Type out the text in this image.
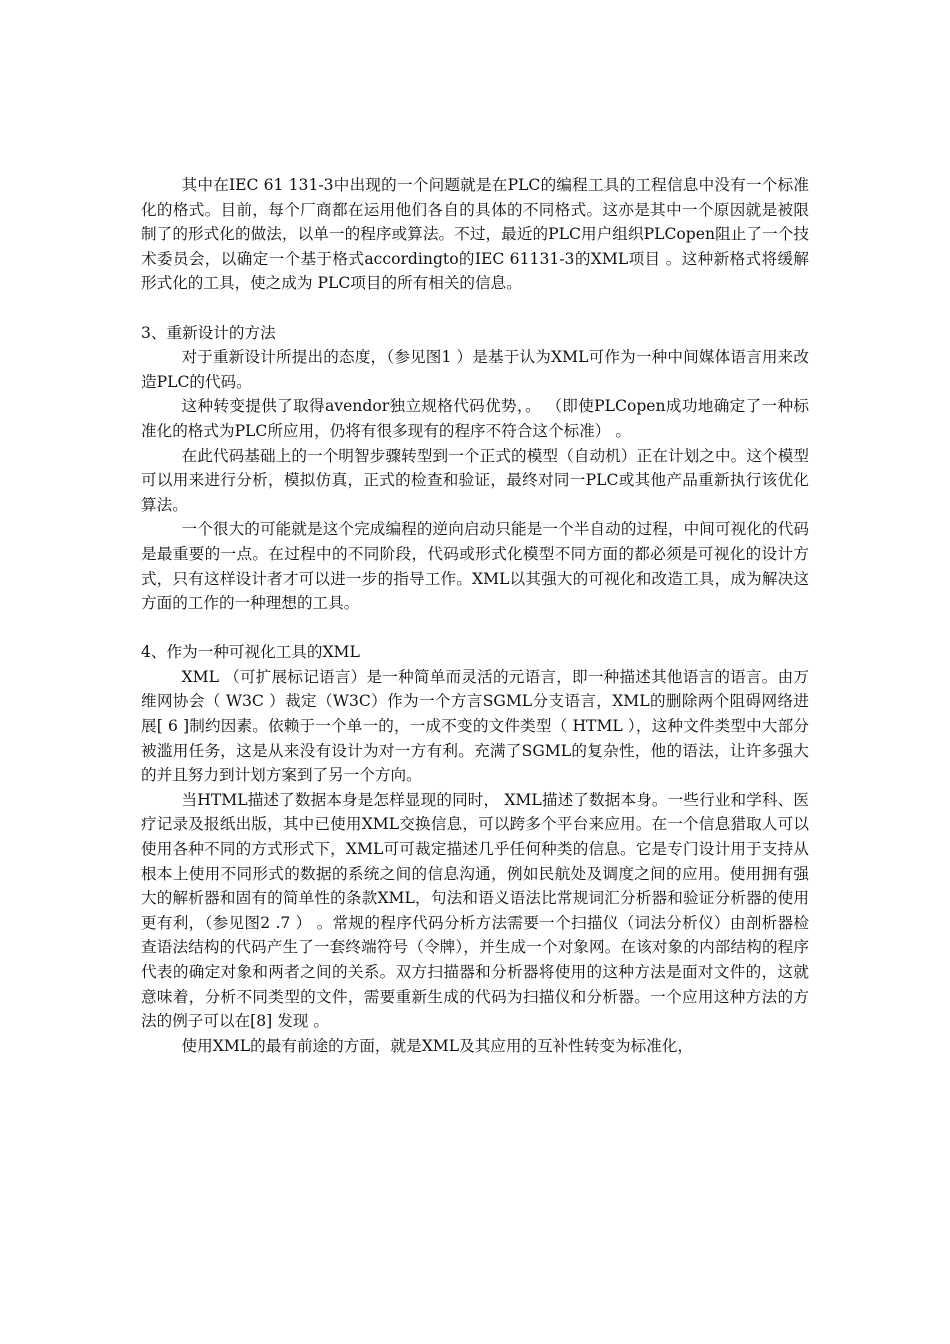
其中在IEC 61 131-3中出现的一个问题就是在PLC的编程工具的工程信息中没有一个标准化的格式。目前，每个厂商都在运用他们各自的具体的不同格式。这亦是其中一个原因就是被限制了的形式化的做法，以单一的程序或算法。不过，最近的PLC用户组织PLCopen阻止了一个技术委员会，以确定一个基于格式accordingto的IEC 61131-3的XML项目 。这种新格式将缓解形式化的工具，使之成为 PLC项目的所有相关的信息。

3、重新设计的方法

对于重新设计所提出的态度，（参见图1 ）是基于认为XML可作为一种中间媒体语言用来改造PLC的代码。

这种转变提供了取得avendor独立规格代码优势，。 （即使PLCopen成功地确定了一种标准化的格式为PLC所应用，仍将有很多现有的程序不符合这个标准） 。

在此代码基础上的一个明智步骤转型到一个正式的模型（自动机）正在计划之中。这个模型可以用来进行分析，模拟仿真，正式的检查和验证，最终对同一PLC或其他产品重新执行该优化算法。

一个很大的可能就是这个完成编程的逆向启动只能是一个半自动的过程，中间可视化的代码是最重要的一点。在过程中的不同阶段，代码或形式化模型不同方面的都必须是可视化的设计方式，只有这样设计者才可以进一步的指导工作。XML以其强大的可视化和改造工具，成为解决这方面的工作的一种理想的工具。

4、作为一种可视化工具的XML

XML （可扩展标记语言）是一种简单而灵活的元语言，即一种描述其他语言的语言。由万维网协会（ W3C ）裁定（W3C）作为一个方言SGML分支语言，XML的删除两个阻碍网络进展[ 6 ]制约因素。依赖于一个单一的，一成不变的文件类型（ HTML ），这种文件类型中大部分被滥用任务，这是从来没有设计为对一方有利。充满了SGML的复杂性，他的语法，让许多强大的并且努力到计划方案到了另一个方向。

当HTML描述了数据本身是怎样显现的同时， XML描述了数据本身。一些行业和学科、医疗记录及报纸出版，其中已使用XML交换信息，可以跨多个平台来应用。在一个信息猎取人可以使用各种不同的方式形式下，XML可可裁定描述几乎任何种类的信息。它是专门设计用于支持从根本上使用不同形式的数据的系统之间的信息沟通，例如民航处及调度之间的应用。使用拥有强大的解析器和固有的简单性的条款XML，句法和语义语法比常规词汇分析器和验证分析器的使用更有利，（参见图2 .7 ） 。常规的程序代码分析方法需要一个扫描仪（词法分析仪）由剖析器检查语法结构的代码产生了一套终端符号（令牌），并生成一个对象网。在该对象的内部结构的程序代表的确定对象和两者之间的关系。双方扫描器和分析器将使用的这种方法是面对文件的，这就意味着，分析不同类型的文件，需要重新生成的代码为扫描仪和分析器。一个应用这种方法的方法的例子可以在[8] 发现 。

使用XML的最有前途的方面，就是XML及其应用的互补性转变为标准化，
